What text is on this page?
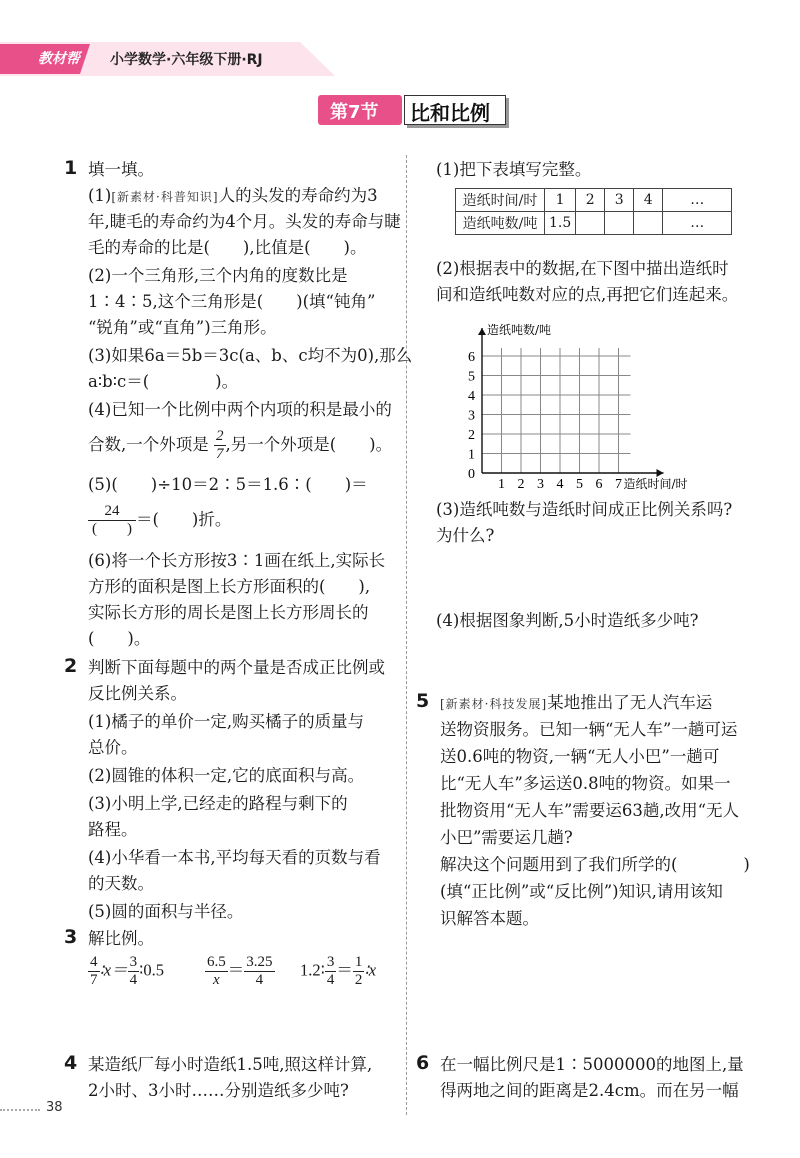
教材帮 小学数学·六年级下册·RJ
第7节 比和比例
1 填一填。
(1)[新素材·科普知识]人的头发的寿命约为3
年,睫毛的寿命约为4个月。头发的寿命与睫
毛的寿命的比是(　　),比值是(　　)。
(2)一个三角形,三个内角的度数比是
1∶4∶5,这个三角形是(　　)(填“钝角”
“锐角”或“直角”)三角形。
(3)如果6a＝5b＝3c(a、b、c均不为0),那么
a∶b∶c＝(　　　　)。
(4)已知一个比例中两个内项的积是最小的
合数,一个外项是 $\frac{2}{7}$ ,另一个外项是(　　)。
(5)(　　)÷10＝2∶5＝1.6∶(　　)＝
$\frac{24}{( )}$ ＝(　　)折。
(6)将一个长方形按3∶1画在纸上,实际长
方形的面积是图上长方形面积的(　　),
实际长方形的周长是图上长方形周长的
(　　)。
2 判断下面每题中的两个量是否成正比例或
反比例关系。
(1)橘子的单价一定,购买橘子的质量与
总价。
(2)圆锥的体积一定,它的底面积与高。
(3)小明上学,已经走的路程与剩下的
路程。
(4)小华看一本书,平均每天看的页数与看
的天数。
(5)圆的面积与半径。
3 解比例。
$\frac{4}{7}$ ∶x＝ $\frac{3}{4}$ ∶0.5	$\frac{6.5}{x} = \frac{3.25}{4}$ 1.2∶ $\frac{3}{4} = \frac{1}{2}$ ∶x
4 某造纸厂每小时造纸1.5吨,照这样计算,
2小时、3小时……分别造纸多少吨?
38
(1)把下表填写完整。
造纸时间/时	1	2	3	4	…
造纸吨数/吨	1.5				…
(2)根据表中的数据,在下图中描出造纸时
间和造纸吨数对应的点,再把它们连起来。
1 2 3 4 5 6 7
1
2
3
4
5
6
0
造纸吨数/吨
造纸时间/时
(3)造纸吨数与造纸时间成正比例关系吗?
为什么?
(4)根据图象判断,5小时造纸多少吨?
5 [新素材·科技发展]某地推出了无人汽车运
送物资服务。已知一辆“无人车”一趟可运
送0.6吨的物资,一辆“无人小巴”一趟可
比“无人车”多运送0.8吨的物资。如果一
批物资用“无人车”需要运63趟,改用“无人
小巴”需要运几趟?
解决这个问题用到了我们所学的(　　　　)
(填“正比例”或“反比例”)知识,请用该知
识解答本题。
6 在一幅比例尺是1∶5000000的地图上,量
得两地之间的距离是2.4cm。而在另一幅
